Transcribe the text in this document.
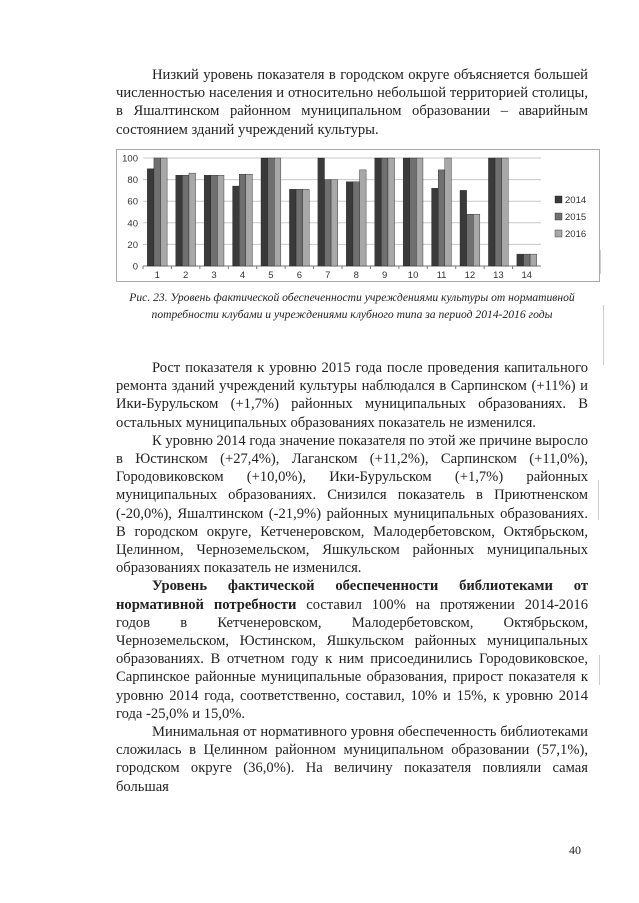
Низкий уровень показателя в городском округе объясняется большей численностью населения и относительно небольшой территорией столицы, в Яшалтинском районном муниципальном образовании – аварийным состоянием зданий учреждений культуры.

0
20
40
60
80
100
1 2 3 4 5 6 7 8 9 10 11 12 13 14
2014
2015
2016

Рис. 23. Уровень фактической обеспеченности учреждениями культуры от нормативной потребности клубами и учреждениями клубного типа за период 2014-2016 годы

Рост показателя к уровню 2015 года после проведения капитального ремонта зданий учреждений культуры наблюдался в Сарпинском (+11%) и Ики-Бурульском (+1,7%) районных муниципальных образованиях. В остальных муниципальных образованиях показатель не изменился.

К уровню 2014 года значение показателя по этой же причине выросло в Юстинском (+27,4%), Лаганском (+11,2%), Сарпинском (+11,0%), Городовиковском (+10,0%), Ики-Бурульском (+1,7%) районных муниципальных образованиях. Снизился показатель в Приютненском (-20,0%), Яшалтинском (-21,9%) районных муниципальных образованиях. В городском округе, Кетченеровском, Малодербетовском, Октябрьском, Целинном, Черноземельском, Яшкульском районных муниципальных образованиях показатель не изменился.

Уровень фактической обеспеченности библиотеками от нормативной потребности составил 100% на протяжении 2014-2016 годов в Кетченеровском, Малодербетовском, Октябрьском, Черноземельском, Юстинском, Яшкульском районных муниципальных образованиях. В отчетном году к ним присоединились Городовиковское, Сарпинское районные муниципальные образования, прирост показателя к уровню 2014 года, соответственно, составил, 10% и 15%, к уровню 2014 года -25,0% и 15,0%.

Минимальная от нормативного уровня обеспеченность библиотеками сложилась в Целинном районном муниципальном образовании (57,1%), городском округе (36,0%). На величину показателя повлияли самая большая

40
